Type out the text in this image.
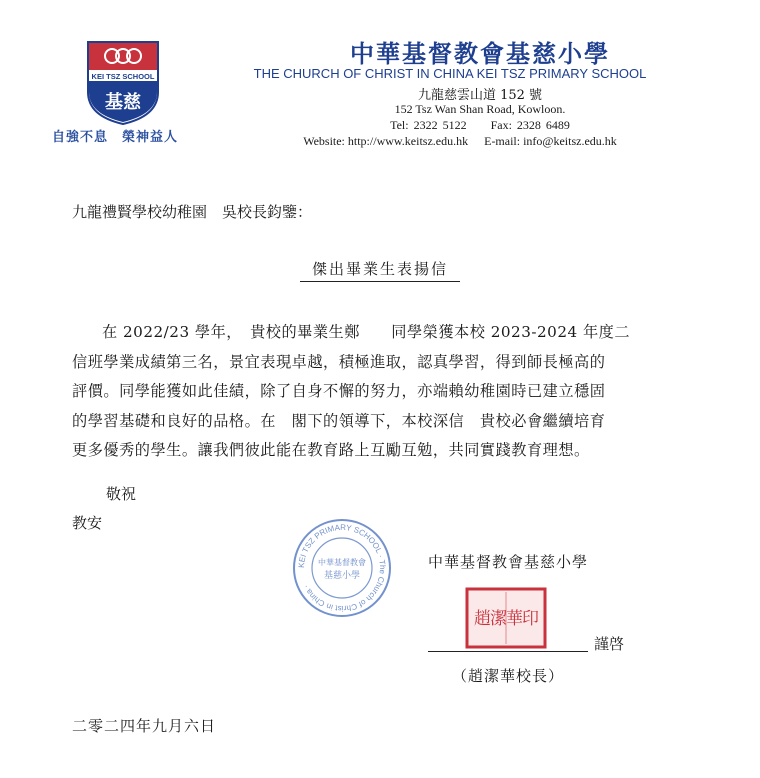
KEI TSZ SCHOOL
基慈
自強不息　榮神益人
中華基督教會基慈小學
THE CHURCH OF CHRIST IN CHINA KEI TSZ PRIMARY SCHOOL
九龍慈雲山道 152 號
152 Tsz Wan Shan Road, Kowloon.
Tel: 2322 5122 Fax: 2328 6489
Website: http://www.keitsz.edu.hk E-mail: info@keitsz.edu.hk
九龍禮賢學校幼稚園　吳校長鈞鑒：
傑出畢業生表揚信
在 2022/23 學年，　貴校的畢業生鄭　　同學榮獲本校 2023-2024 年度二
信班學業成績第三名，景宜表現卓越，積極進取，認真學習，得到師長極高的
評價。同學能獲如此佳績，除了自身不懈的努力，亦端賴幼稚園時已建立穩固
的學習基礎和良好的品格。在　閣下的領導下，本校深信　貴校必會繼續培育
更多優秀的學生。讓我們彼此能在教育路上互勵互勉，共同實踐教育理想。
敬祝
教安
KEI TSZ PRIMARY SCHOOL · The Church of Christ in China ·
中華基督教會
基慈小學
中華基督教會基慈小學
趙潔華印
謹啓
（趙潔華校長）
二零二四年九月六日
